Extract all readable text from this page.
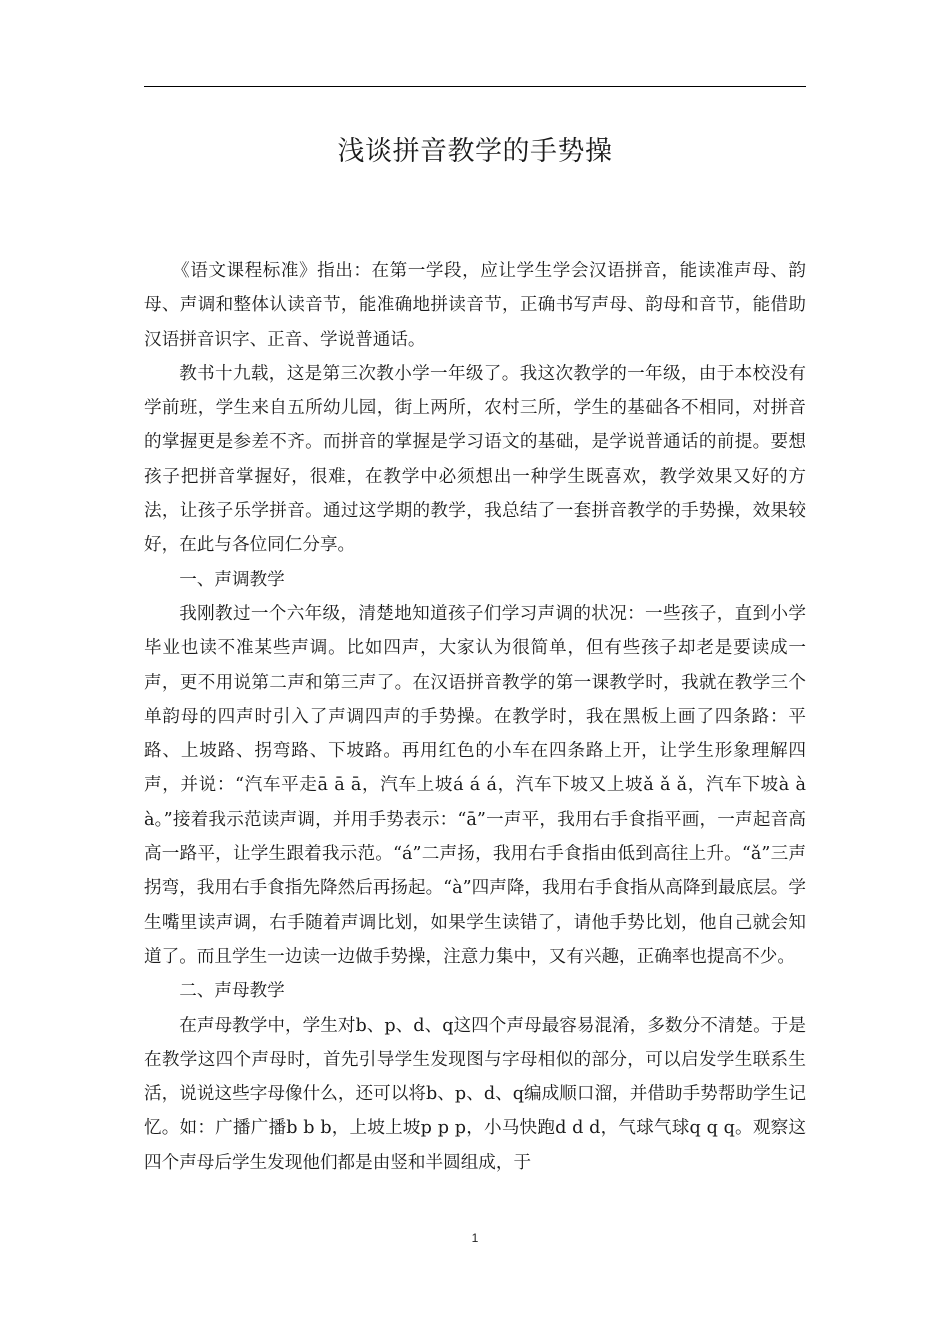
浅谈拼音教学的手势操

《语文课程标准》指出：在第一学段，应让学生学会汉语拼音，能读准声母、韵母、声调和整体认读音节，能准确地拼读音节，正确书写声母、韵母和音节，能借助汉语拼音识字、正音、学说普通话。

教书十九载，这是第三次教小学一年级了。我这次教学的一年级，由于本校没有学前班，学生来自五所幼儿园，街上两所，农村三所，学生的基础各不相同，对拼音的掌握更是参差不齐。而拼音的掌握是学习语文的基础，是学说普通话的前提。要想孩子把拼音掌握好，很难，在教学中必须想出一种学生既喜欢，教学效果又好的方法，让孩子乐学拼音。通过这学期的教学，我总结了一套拼音教学的手势操，效果较好，在此与各位同仁分享。

一、声调教学

我刚教过一个六年级，清楚地知道孩子们学习声调的状况：一些孩子，直到小学毕业也读不准某些声调。比如四声，大家认为很简单，但有些孩子却老是要读成一声，更不用说第二声和第三声了。在汉语拼音教学的第一课教学时，我就在教学三个单韵母的四声时引入了声调四声的手势操。在教学时，我在黑板上画了四条路：平路、上坡路、拐弯路、下坡路。再用红色的小车在四条路上开，让学生形象理解四声，并说：“汽车平走ā ā ā，汽车上坡á á á，汽车下坡又上坡ǎ ǎ ǎ，汽车下坡à à à。”接着我示范读声调，并用手势表示：“ā”一声平，我用右手食指平画，一声起音高高一路平，让学生跟着我示范。“á”二声扬，我用右手食指由低到高往上升。“ǎ”三声拐弯，我用右手食指先降然后再扬起。“à”四声降，我用右手食指从高降到最底层。学生嘴里读声调，右手随着声调比划，如果学生读错了，请他手势比划，他自己就会知道了。而且学生一边读一边做手势操，注意力集中，又有兴趣，正确率也提高不少。

二、声母教学

在声母教学中，学生对b、p、d、q这四个声母最容易混淆，多数分不清楚。于是在教学这四个声母时，首先引导学生发现图与字母相似的部分，可以启发学生联系生活，说说这些字母像什么，还可以将b、p、d、q编成顺口溜，并借助手势帮助学生记忆。如：广播广播b b b，上坡上坡p p p，小马快跑d d d，气球气球q q q。观察这四个声母后学生发现他们都是由竖和半圆组成，于

1
